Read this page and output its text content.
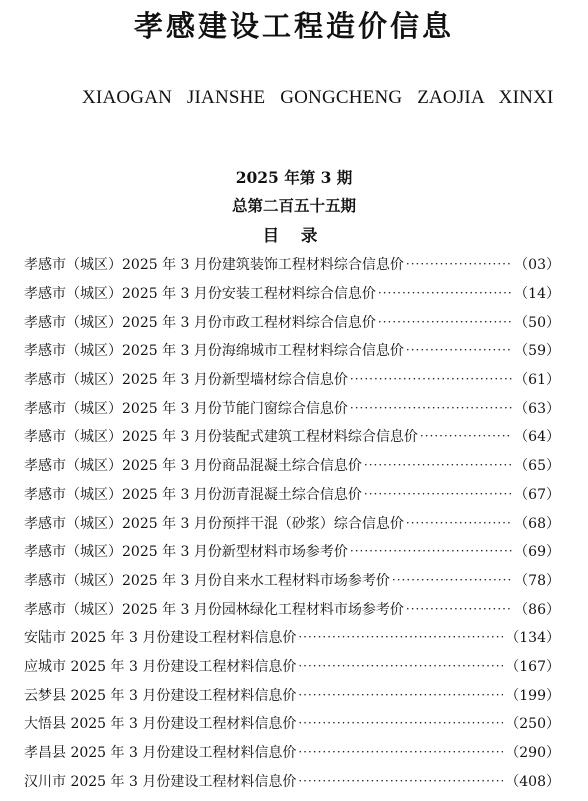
孝感建设工程造价信息
XIAOGAN   JIANSHE   GONGCHENG   ZAOJIA   XINXI
2025 年第 3 期
总第二百五十五期
目 录
孝感市（城区）2025 年 3 月份建筑装饰工程材料综合信息价 ·····	（03）
孝感市（城区）2025 年 3 月份安装工程材料综合信息价 ·····	（14）
孝感市（城区）2025 年 3 月份市政工程材料综合信息价 ·····	（50）
孝感市（城区）2025 年 3 月份海绵城市工程材料综合信息价 ·····	（59）
孝感市（城区）2025 年 3 月份新型墙材综合信息价 ·····	（61）
孝感市（城区）2025 年 3 月份节能门窗综合信息价 ·····	（63）
孝感市（城区）2025 年 3 月份装配式建筑工程材料综合信息价 ·····	（64）
孝感市（城区）2025 年 3 月份商品混凝土综合信息价 ·····	（65）
孝感市（城区）2025 年 3 月份沥青混凝土综合信息价 ·····	（67）
孝感市（城区）2025 年 3 月份预拌干混（砂浆）综合信息价 ·····	（68）
孝感市（城区）2025 年 3 月份新型材料市场参考价 ·····	（69）
孝感市（城区）2025 年 3 月份自来水工程材料市场参考价 ·····	（78）
孝感市（城区）2025 年 3 月份园林绿化工程材料市场参考价 ·····	（86）
安陆市 2025 年 3 月份建设工程材料信息价 ·····	（134）
应城市 2025 年 3 月份建设工程材料信息价 ·····	（167）
云梦县 2025 年 3 月份建设工程材料信息价 ·····	（199）
大悟县 2025 年 3 月份建设工程材料信息价 ·····	（250）
孝昌县 2025 年 3 月份建设工程材料信息价 ·····	（290）
汉川市 2025 年 3 月份建设工程材料信息价 ·····	（408）
